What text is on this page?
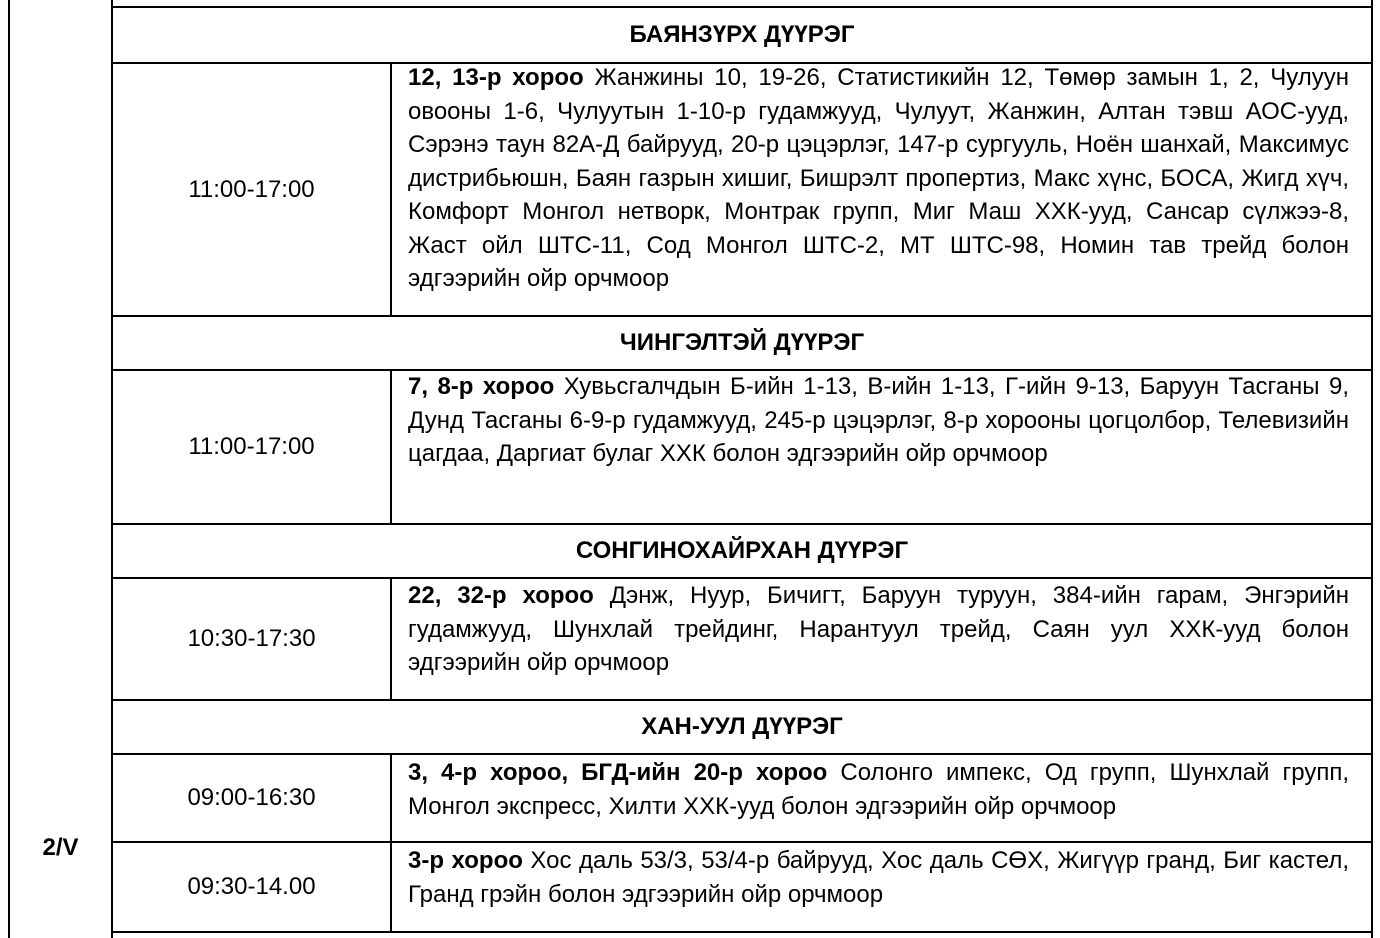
2/V
БАЯНЗҮРХ ДҮҮРЭГ
11:00-17:00
12, 13-р хороо Жанжины 10, 19-26, Статистикийн 12, Төмөр замын 1, 2, Чулуун овооны 1-6, Чулуутын 1-10-р гудамжууд, Чулуут, Жанжин, Алтан тэвш АОС-ууд, Сэрэнэ таун 82А-Д байрууд, 20-р цэцэрлэг, 147-р сургууль, Ноён шанхай, Максимус дистрибьюшн, Баян газрын хишиг, Бишрэлт пропертиз, Макс хүнс, БОСА, Жигд хүч, Комфорт Монгол нетворк, Монтрак групп, Миг Маш ХХК-ууд, Сансар сүлжээ-8, Жаст ойл ШТС-11, Сод Монгол ШТС-2, МТ ШТС-98, Номин тав трейд болон эдгээрийн ойр орчмоор
ЧИНГЭЛТЭЙ ДҮҮРЭГ
11:00-17:00
7, 8-р хороо Хувьсгалчдын Б-ийн 1-13, В-ийн 1-13, Г-ийн 9-13, Баруун Тасганы 9, Дунд Тасганы 6-9-р гудамжууд, 245-р цэцэрлэг, 8-р хорооны цогцолбор, Телевизийн цагдаа, Даргиат булаг ХХК болон эдгээрийн ойр орчмоор
СОНГИНОХАЙРХАН ДҮҮРЭГ
10:30-17:30
22, 32-р хороо Дэнж, Нуур, Бичигт, Баруун туруун, 384-ийн гарам, Энгэрийн гудамжууд, Шунхлай трейдинг, Нарантуул трейд, Саян уул ХХК-ууд болон эдгээрийн ойр орчмоор
ХАН-УУЛ ДҮҮРЭГ
09:00-16:30
3, 4-р хороо, БГД-ийн 20-р хороо Солонго импекс, Од групп, Шунхлай групп, Монгол экспресс, Хилти ХХК-ууд болон эдгээрийн ойр орчмоор
09:30-14.00
3-р хороо Хос даль 53/3, 53/4-р байрууд, Хос даль СӨХ, Жигүүр гранд, Биг кастел, Гранд грэйн болон эдгээрийн ойр орчмоор
